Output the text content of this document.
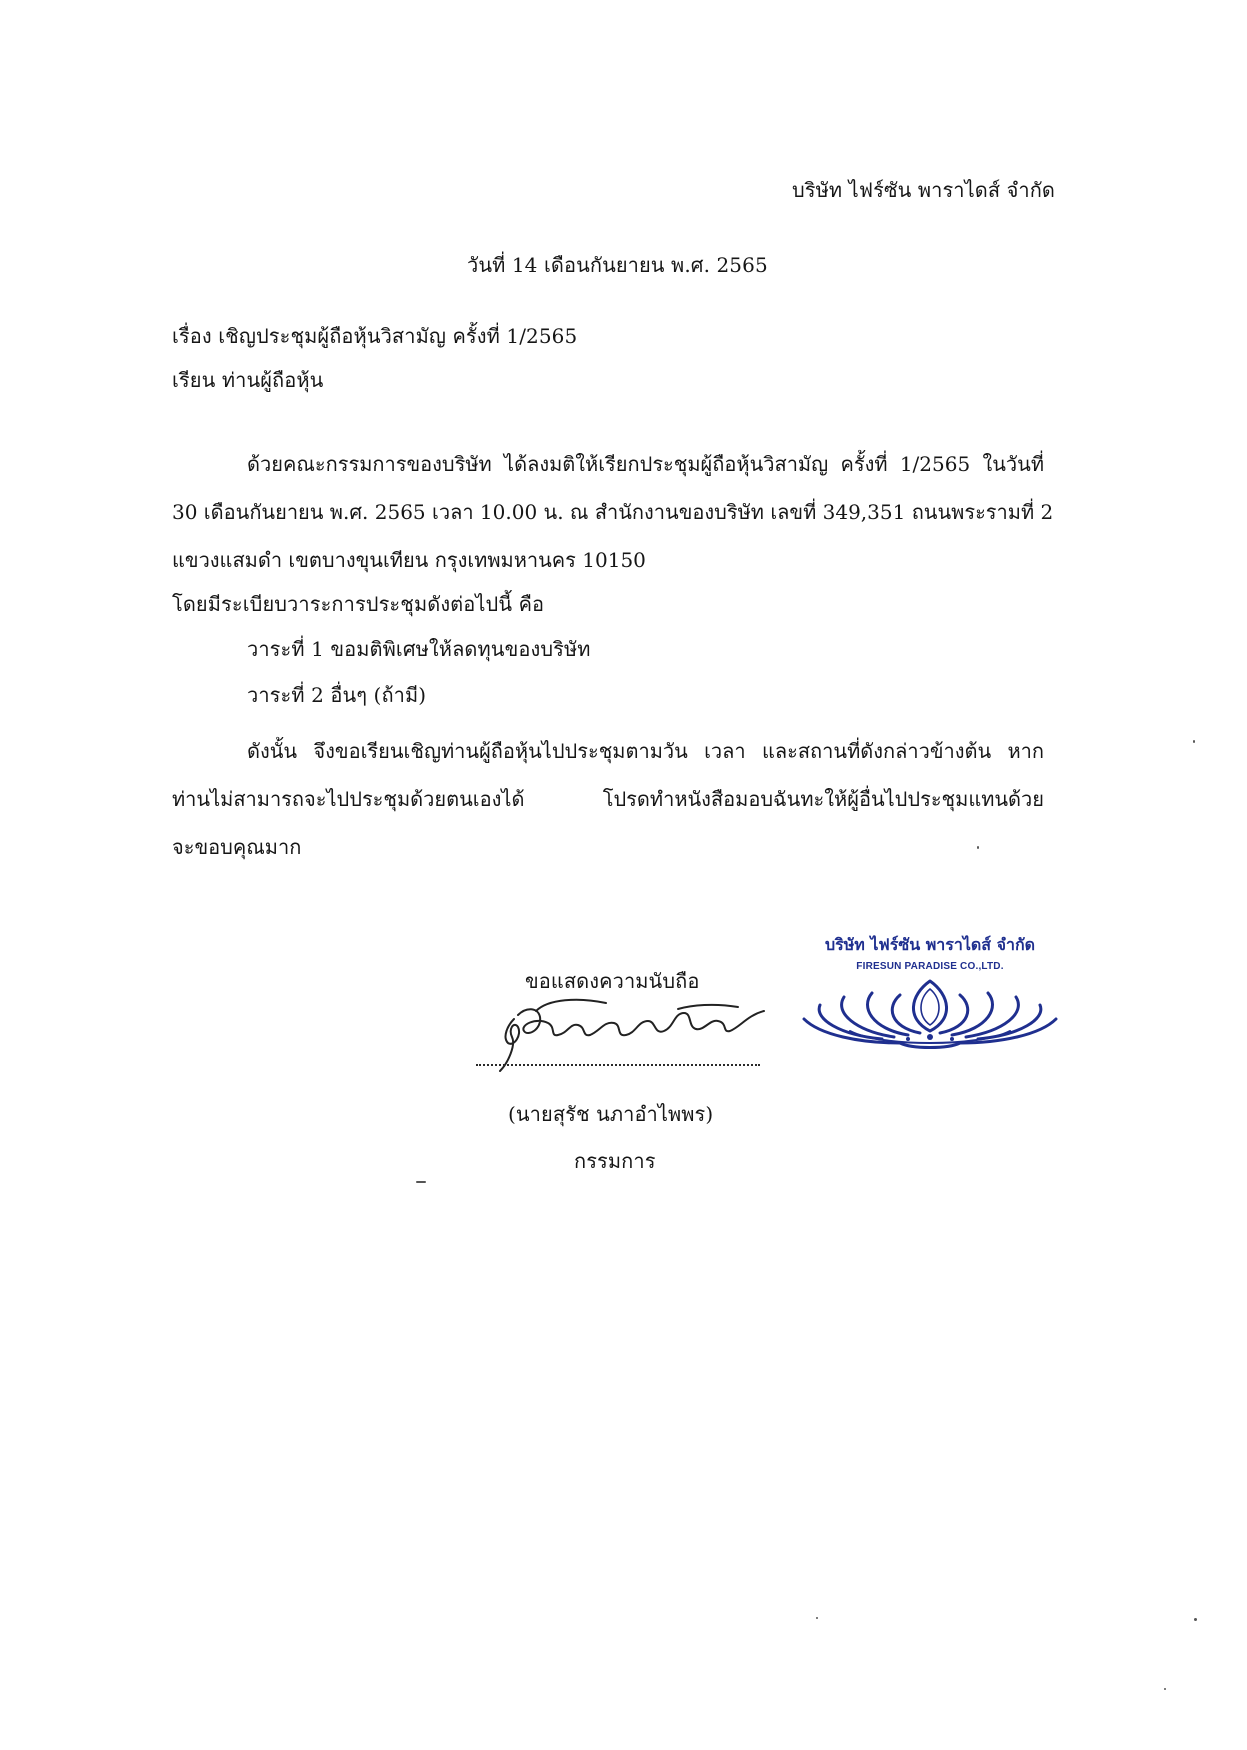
บริษัท ไฟร์ซัน พาราไดส์ จำกัด
วันที่ 14 เดือนกันยายน พ.ศ. 2565
เรื่อง เชิญประชุมผู้ถือหุ้นวิสามัญ ครั้งที่ 1/2565
เรียน ท่านผู้ถือหุ้น
ด้วยคณะกรรมการของบริษัท ได้ลงมติให้เรียกประชุมผู้ถือหุ้นวิสามัญ ครั้งที่ 1/2565 ในวันที่
30 เดือนกันยายน พ.ศ. 2565 เวลา 10.00 น. ณ สำนักงานของบริษัท เลขที่ 349,351 ถนนพระรามที่ 2
แขวงแสมดำ เขตบางขุนเทียน กรุงเทพมหานคร 10150
โดยมีระเบียบวาระการประชุมดังต่อไปนี้ คือ
วาระที่ 1 ขอมติพิเศษให้ลดทุนของบริษัท
วาระที่ 2 อื่นๆ (ถ้ามี)
ดังนั้น จึงขอเรียนเชิญท่านผู้ถือหุ้นไปประชุมตามวัน เวลา และสถานที่ดังกล่าวข้างต้น หาก
ท่านไม่สามารถจะไปประชุมด้วยตนเองได้ โปรดทำหนังสือมอบฉันทะให้ผู้อื่นไปประชุมแทนด้วย
จะขอบคุณมาก
ขอแสดงความนับถือ
(นายสุรัช นภาอำไพพร)
กรรมการ
บริษัท ไฟร์ซัน พาราไดส์ จำกัด
FIRESUN PARADISE CO.,LTD.
